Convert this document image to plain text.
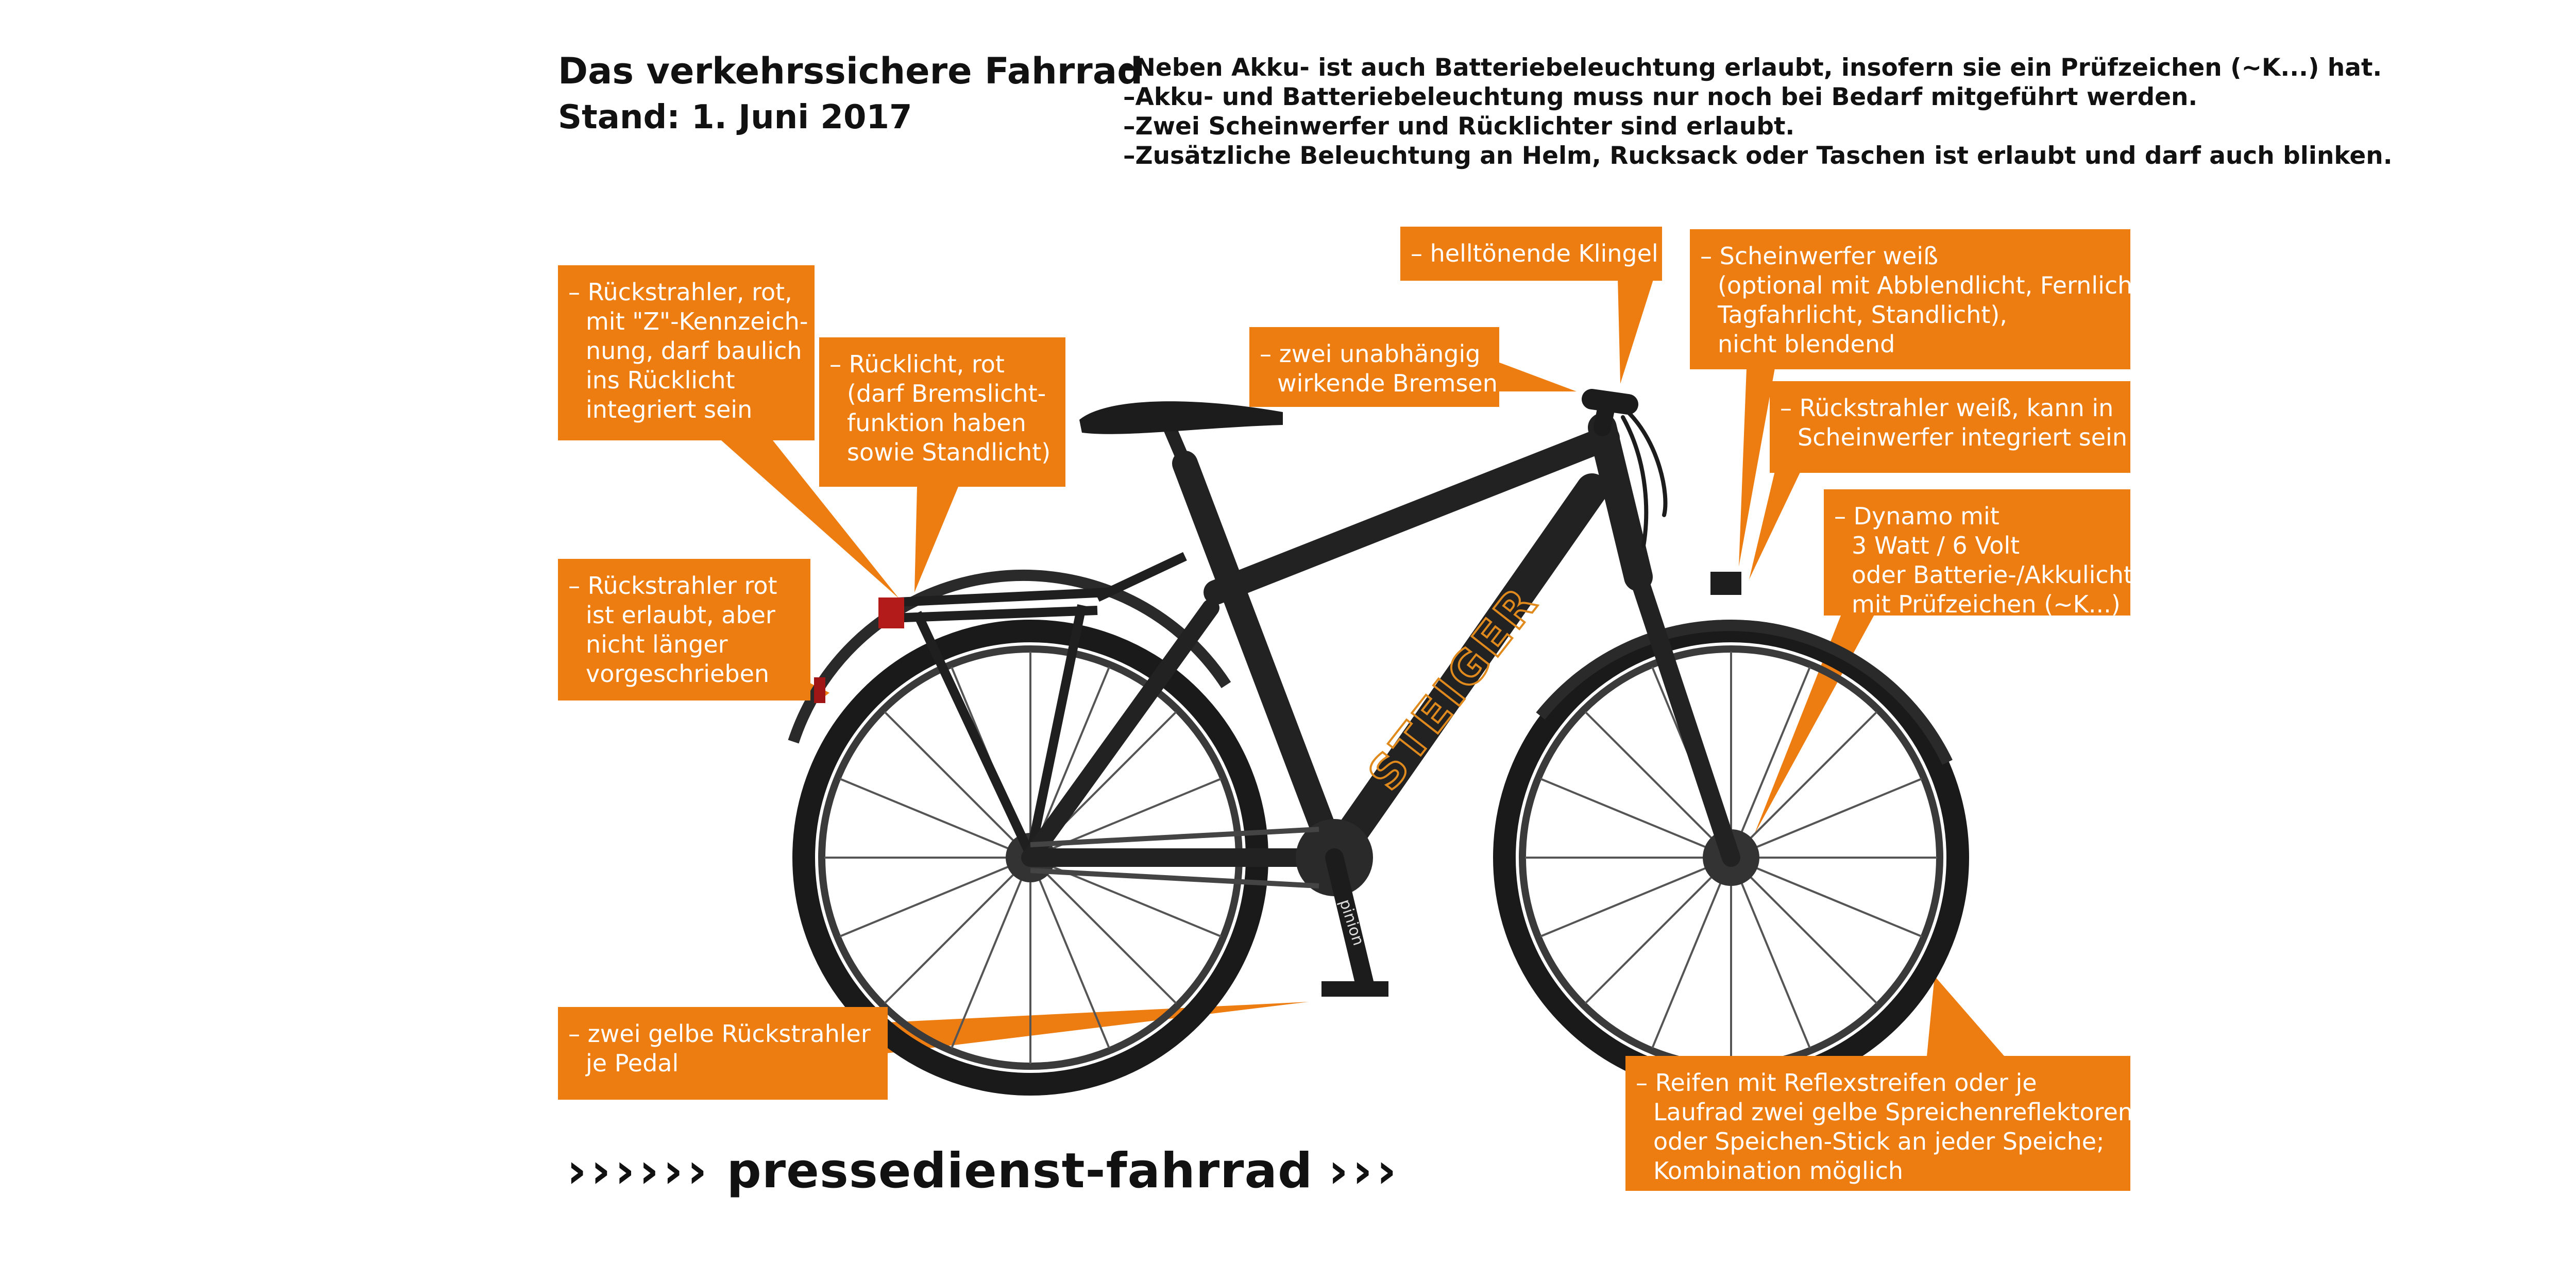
STEIGER
pinion
Das verkehrssichere Fahrrad
Stand: 1. Juni 2017
–Neben Akku- ist auch Batteriebeleuchtung erlaubt, insofern sie ein Prüfzeichen (~K...) hat.
–Akku- und Batteriebeleuchtung muss nur noch bei Bedarf mitgeführt werden.
–Zwei Scheinwerfer und Rücklichter sind erlaubt.
–Zusätzliche Beleuchtung an Helm, Rucksack oder Taschen ist erlaubt und darf auch blinken.
– Rückstrahler, rot,
mit "Z"-Kennzeich-
nung, darf baulich
ins Rücklicht
integriert sein
– Rücklicht, rot
(darf Bremslicht-
funktion haben
sowie Standlicht)
– zwei unabhängig
wirkende Bremsen
– helltönende Klingel
–	Scheinwerfer weiß
(optional mit Abblendlicht, Fernlicht,
Tagfahrlicht, Standlicht),
nicht blendend
– Rückstrahler weiß, kann in
Scheinwerfer integriert sein
– Dynamo mit
3 Watt / 6 Volt
oder Batterie-/Akkulicht
mit Prüfzeichen (~K...)
– Rückstrahler rot
ist erlaubt, aber
nicht länger
vorgeschrieben
– zwei gelbe Rückstrahler
je Pedal
– Reifen mit Reflexstreifen oder je
Laufrad zwei gelbe Spreichenreflektoren
oder Speichen-Stick an jeder Speiche;
Kombination möglich
›››››› pressedienst-fahrrad ›››
